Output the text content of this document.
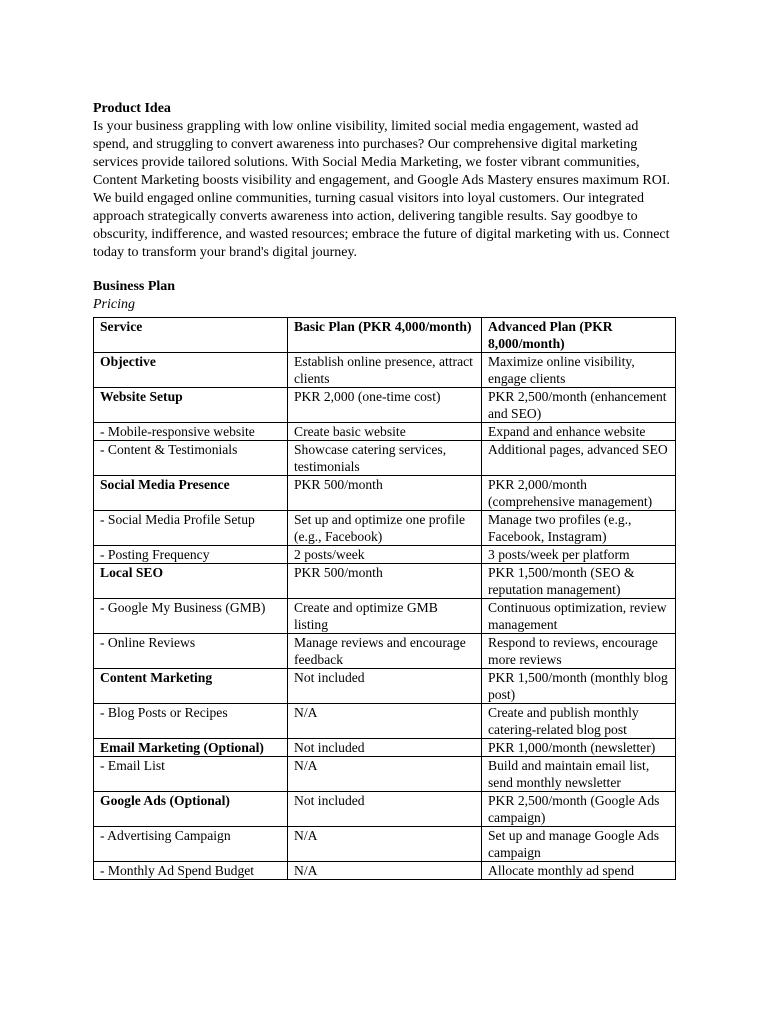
Product Idea

Is your business grappling with low online visibility, limited social media engagement, wasted ad spend, and struggling to convert awareness into purchases? Our comprehensive digital marketing services provide tailored solutions. With Social Media Marketing, we foster vibrant communities, Content Marketing boosts visibility and engagement, and Google Ads Mastery ensures maximum ROI. We build engaged online communities, turning casual visitors into loyal customers. Our integrated approach strategically converts awareness into action, delivering tangible results. Say goodbye to obscurity, indifference, and wasted resources; embrace the future of digital marketing with us. Connect today to transform your brand's digital journey.

Business Plan

Pricing

Service	Basic Plan (PKR 4,000/month)	Advanced Plan (PKR 8,000/month)
Objective	Establish online presence, attract clients	Maximize online visibility, engage clients
Website Setup	PKR 2,000 (one-time cost)	PKR 2,500/month (enhancement and SEO)
- Mobile-responsive website	Create basic website	Expand and enhance website
- Content & Testimonials	Showcase catering services, testimonials	Additional pages, advanced SEO
Social Media Presence	PKR 500/month	PKR 2,000/month (comprehensive management)
- Social Media Profile Setup	Set up and optimize one profile (e.g., Facebook)	Manage two profiles (e.g., Facebook, Instagram)
- Posting Frequency	2 posts/week	3 posts/week per platform
Local SEO	PKR 500/month	PKR 1,500/month (SEO & reputation management)
- Google My Business (GMB)	Create and optimize GMB listing	Continuous optimization, review management
- Online Reviews	Manage reviews and encourage feedback	Respond to reviews, encourage more reviews
Content Marketing	Not included	PKR 1,500/month (monthly blog post)
- Blog Posts or Recipes	N/A	Create and publish monthly catering-related blog post
Email Marketing (Optional)	Not included	PKR 1,000/month (newsletter)
- Email List	N/A	Build and maintain email list, send monthly newsletter
Google Ads (Optional)	Not included	PKR 2,500/month (Google Ads campaign)
- Advertising Campaign	N/A	Set up and manage Google Ads campaign
- Monthly Ad Spend Budget	N/A	Allocate monthly ad spend
